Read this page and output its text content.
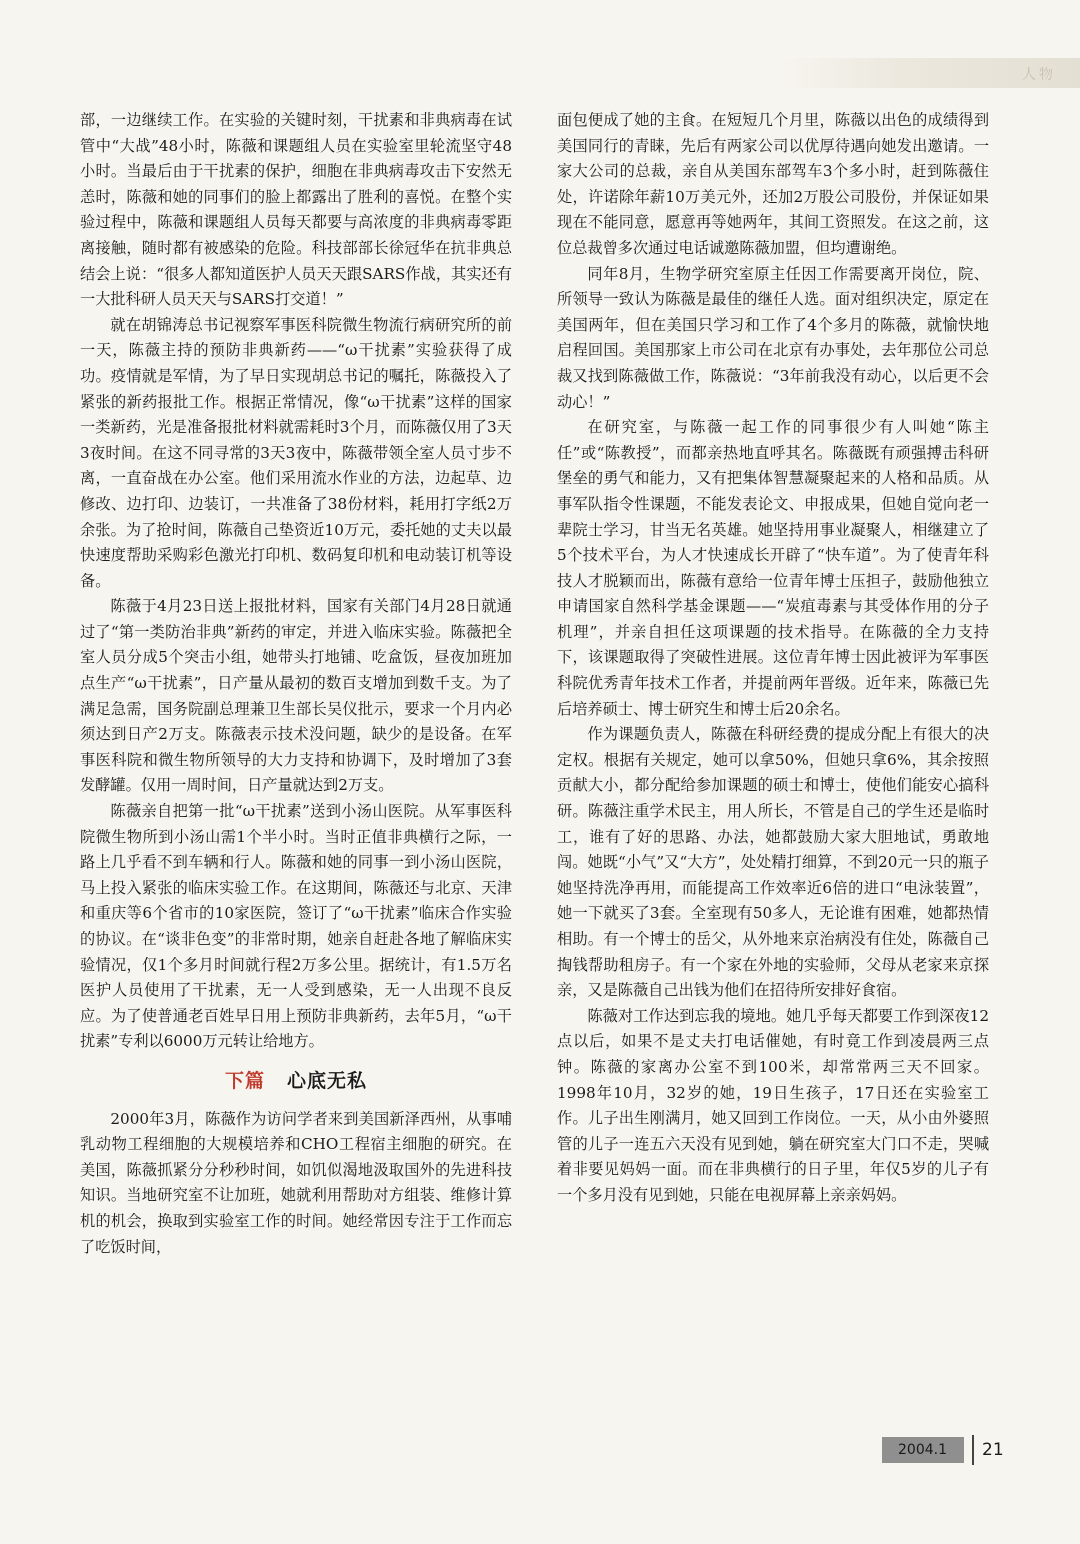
人物

部，一边继续工作。在实验的关键时刻，干扰素和非典病毒在试管中“大战”48小时，陈薇和课题组人员在实验室里轮流坚守48小时。当最后由于干扰素的保护，细胞在非典病毒攻击下安然无恙时，陈薇和她的同事们的脸上都露出了胜利的喜悦。在整个实验过程中，陈薇和课题组人员每天都要与高浓度的非典病毒零距离接触，随时都有被感染的危险。科技部部长徐冠华在抗非典总结会上说：“很多人都知道医护人员天天跟SARS作战，其实还有一大批科研人员天天与SARS打交道！”

就在胡锦涛总书记视察军事医科院微生物流行病研究所的前一天，陈薇主持的预防非典新药——“ω干扰素”实验获得了成功。疫情就是军情，为了早日实现胡总书记的嘱托，陈薇投入了紧张的新药报批工作。根据正常情况，像“ω干扰素”这样的国家一类新药，光是准备报批材料就需耗时3个月，而陈薇仅用了3天3夜时间。在这不同寻常的3天3夜中，陈薇带领全室人员寸步不离，一直奋战在办公室。他们采用流水作业的方法，边起草、边修改、边打印、边装订，一共准备了38份材料，耗用打字纸2万余张。为了抢时间，陈薇自己垫资近10万元，委托她的丈夫以最快速度帮助采购彩色激光打印机、数码复印机和电动装订机等设备。

陈薇于4月23日送上报批材料，国家有关部门4月28日就通过了“第一类防治非典”新药的审定，并进入临床实验。陈薇把全室人员分成5个突击小组，她带头打地铺、吃盒饭，昼夜加班加点生产“ω干扰素”，日产量从最初的数百支增加到数千支。为了满足急需，国务院副总理兼卫生部长吴仪批示，要求一个月内必须达到日产2万支。陈薇表示技术没问题，缺少的是设备。在军事医科院和微生物所领导的大力支持和协调下，及时增加了3套发酵罐。仅用一周时间，日产量就达到2万支。

陈薇亲自把第一批“ω干扰素”送到小汤山医院。从军事医科院微生物所到小汤山需1个半小时。当时正值非典横行之际，一路上几乎看不到车辆和行人。陈薇和她的同事一到小汤山医院，马上投入紧张的临床实验工作。在这期间，陈薇还与北京、天津和重庆等6个省市的10家医院，签订了“ω干扰素”临床合作实验的协议。在“谈非色变”的非常时期，她亲自赶赴各地了解临床实验情况，仅1个多月时间就行程2万多公里。据统计，有1.5万名医护人员使用了干扰素，无一人受到感染，无一人出现不良反应。为了使普通老百姓早日用上预防非典新药，去年5月，“ω干扰素”专利以6000万元转让给地方。

下篇 心底无私

2000年3月，陈薇作为访问学者来到美国新泽西州，从事哺乳动物工程细胞的大规模培养和CHO工程宿主细胞的研究。在美国，陈薇抓紧分分秒秒时间，如饥似渴地汲取国外的先进科技知识。当地研究室不让加班，她就利用帮助对方组装、维修计算机的机会，换取到实验室工作的时间。她经常因专注于工作而忘了吃饭时间，

面包便成了她的主食。在短短几个月里，陈薇以出色的成绩得到美国同行的青睐，先后有两家公司以优厚待遇向她发出邀请。一家大公司的总裁，亲自从美国东部驾车3个多小时，赶到陈薇住处，许诺除年薪10万美元外，还加2万股公司股份，并保证如果现在不能同意，愿意再等她两年，其间工资照发。在这之前，这位总裁曾多次通过电话诚邀陈薇加盟，但均遭谢绝。

同年8月，生物学研究室原主任因工作需要离开岗位，院、所领导一致认为陈薇是最佳的继任人选。面对组织决定，原定在美国两年，但在美国只学习和工作了4个多月的陈薇，就愉快地启程回国。美国那家上市公司在北京有办事处，去年那位公司总裁又找到陈薇做工作，陈薇说：“3年前我没有动心，以后更不会动心！”

在研究室，与陈薇一起工作的同事很少有人叫她“陈主任”或“陈教授”，而都亲热地直呼其名。陈薇既有顽强搏击科研堡垒的勇气和能力，又有把集体智慧凝聚起来的人格和品质。从事军队指令性课题，不能发表论文、申报成果，但她自觉向老一辈院士学习，甘当无名英雄。她坚持用事业凝聚人，相继建立了5个技术平台，为人才快速成长开辟了“快车道”。为了使青年科技人才脱颖而出，陈薇有意给一位青年博士压担子，鼓励他独立申请国家自然科学基金课题——“炭疽毒素与其受体作用的分子机理”，并亲自担任这项课题的技术指导。在陈薇的全力支持下，该课题取得了突破性进展。这位青年博士因此被评为军事医科院优秀青年技术工作者，并提前两年晋级。近年来，陈薇已先后培养硕士、博士研究生和博士后20余名。

作为课题负责人，陈薇在科研经费的提成分配上有很大的决定权。根据有关规定，她可以拿50%，但她只拿6%，其余按照贡献大小，都分配给参加课题的硕士和博士，使他们能安心搞科研。陈薇注重学术民主，用人所长，不管是自己的学生还是临时工，谁有了好的思路、办法，她都鼓励大家大胆地试，勇敢地闯。她既“小气”又“大方”，处处精打细算，不到20元一只的瓶子她坚持洗净再用，而能提高工作效率近6倍的进口“电泳装置”，她一下就买了3套。全室现有50多人，无论谁有困难，她都热情相助。有一个博士的岳父，从外地来京治病没有住处，陈薇自己掏钱帮助租房子。有一个家在外地的实验师，父母从老家来京探亲，又是陈薇自己出钱为他们在招待所安排好食宿。

陈薇对工作达到忘我的境地。她几乎每天都要工作到深夜12点以后，如果不是丈夫打电话催她，有时竟工作到凌晨两三点钟。陈薇的家离办公室不到100米，却常常两三天不回家。1998年10月，32岁的她，19日生孩子，17日还在实验室工作。儿子出生刚满月，她又回到工作岗位。一天，从小由外婆照管的儿子一连五六天没有见到她，躺在研究室大门口不走，哭喊着非要见妈妈一面。而在非典横行的日子里，年仅5岁的儿子有一个多月没有见到她，只能在电视屏幕上亲亲妈妈。

2004.1	21
